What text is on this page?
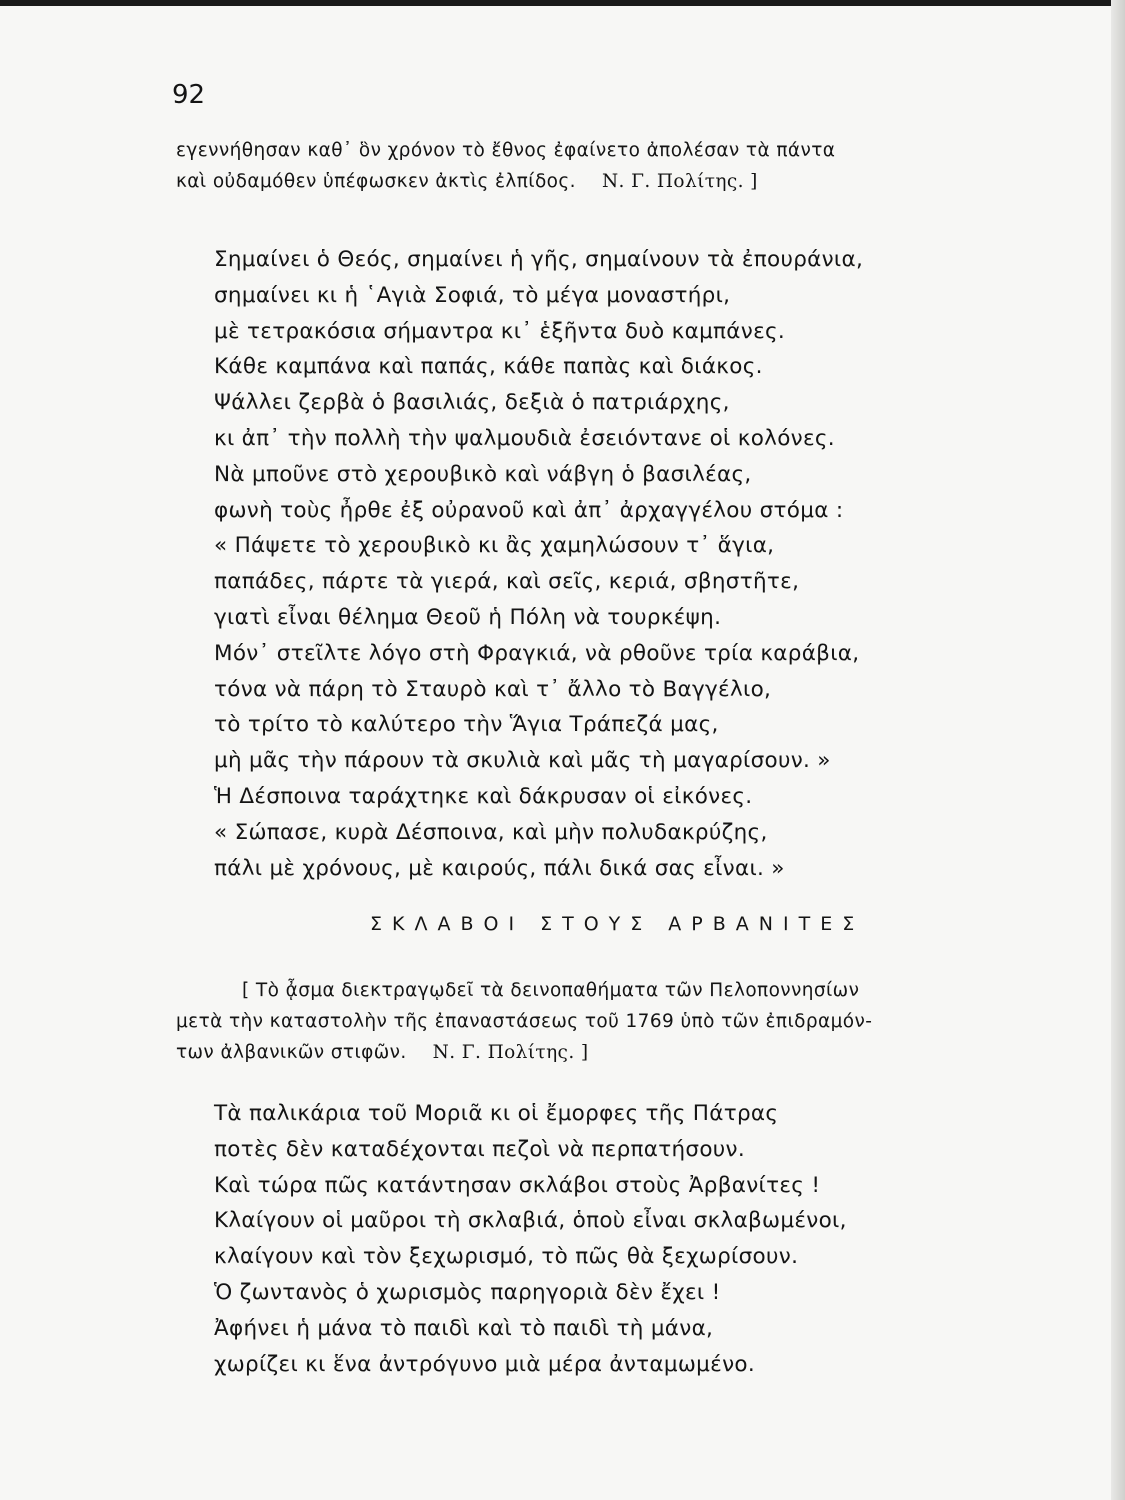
92
εγεννήθησαν καθ᾽ ὃν χρόνον τὸ ἔθνος ἐφαίνετο ἀπολέσαν τὰ πάντα
καὶ οὐδαμόθεν ὑπέφωσκεν ἀκτὶς ἐλπίδος. Ν. Γ. Πολίτης. ]
Σημαίνει ὁ Θεός, σημαίνει ἡ γῆς, σημαίνουν τὰ ἐπουράνια,
σημαίνει κι ἡ ῾Αγιὰ Σοφιά, τὸ μέγα μοναστήρι,
μὲ τετρακόσια σήμαντρα κι᾽ ἑξῆντα δυὸ καμπάνες.
Κάθε καμπάνα καὶ παπάς, κάθε παπὰς καὶ διάκος.
Ψάλλει ζερβὰ ὁ βασιλιάς, δεξιὰ ὁ πατριάρχης,
κι ἀπ᾽ τὴν πολλὴ τὴν ψαλμουδιὰ ἐσειόντανε οἱ κολόνες.
Νὰ μποῦνε στὸ χερουβικὸ καὶ νάβγη ὁ βασιλέας,
φωνὴ τοὺς ἦρθε ἐξ οὐρανοῦ καὶ ἀπ᾽ ἀρχαγγέλου στόμα :
« Πάψετε τὸ χερουβικὸ κι ἂς χαμηλώσουν τ᾽ ἅγια,
παπάδες, πάρτε τὰ γιερά, καὶ σεῖς, κεριά, σβηστῆτε,
γιατὶ εἶναι θέλημα Θεοῦ ἡ Πόλη νὰ τουρκέψη.
Μόν᾽ στεῖλτε λόγο στὴ Φραγκιά, νὰ ρθοῦνε τρία καράβια,
τόνα νὰ πάρη τὸ Σταυρὸ καὶ τ᾽ ἄλλο τὸ Βαγγέλιο,
τὸ τρίτο τὸ καλύτερο τὴν Ἅγια Τράπεζά μας,
μὴ μᾶς τὴν πάρουν τὰ σκυλιὰ καὶ μᾶς τὴ μαγαρίσουν. »
Ἡ Δέσποινα ταράχτηκε καὶ δάκρυσαν οἱ εἰκόνες.
« Σώπασε, κυρὰ Δέσποινα, καὶ μὴν πολυδακρύζης,
πάλι μὲ χρόνους, μὲ καιρούς, πάλι δικά σας εἶναι. »
ΣΚΛΑΒΟΙ ΣΤΟΥΣ ΑΡΒΑΝΙΤΕΣ
[ Τὸ ᾆσμα διεκτραγῳδεῖ τὰ δεινοπαθήματα τῶν Πελοποννησίων
μετὰ τὴν καταστολὴν τῆς ἐπαναστάσεως τοῦ 1769 ὑπὸ τῶν ἐπιδραμόν-
των ἀλβανικῶν στιφῶν. Ν. Γ. Πολίτης. ]
Τὰ παλικάρια τοῦ Μοριᾶ κι οἱ ἔμορφες τῆς Πάτρας
ποτὲς δὲν καταδέχονται πεζοὶ νὰ περπατήσουν.
Καὶ τώρα πῶς κατάντησαν σκλάβοι στοὺς Ἀρβανίτες !
Κλαίγουν οἱ μαῦροι τὴ σκλαβιά, ὁποὺ εἶναι σκλαβωμένοι,
κλαίγουν καὶ τὸν ξεχωρισμό, τὸ πῶς θὰ ξεχωρίσουν.
Ὁ ζωντανὸς ὁ χωρισμὸς παρηγοριὰ δὲν ἔχει !
Ἀφήνει ἡ μάνα τὸ παιδὶ καὶ τὸ παιδὶ τὴ μάνα,
χωρίζει κι ἕνα ἀντρόγυνο μιὰ μέρα ἀνταμωμένο.
